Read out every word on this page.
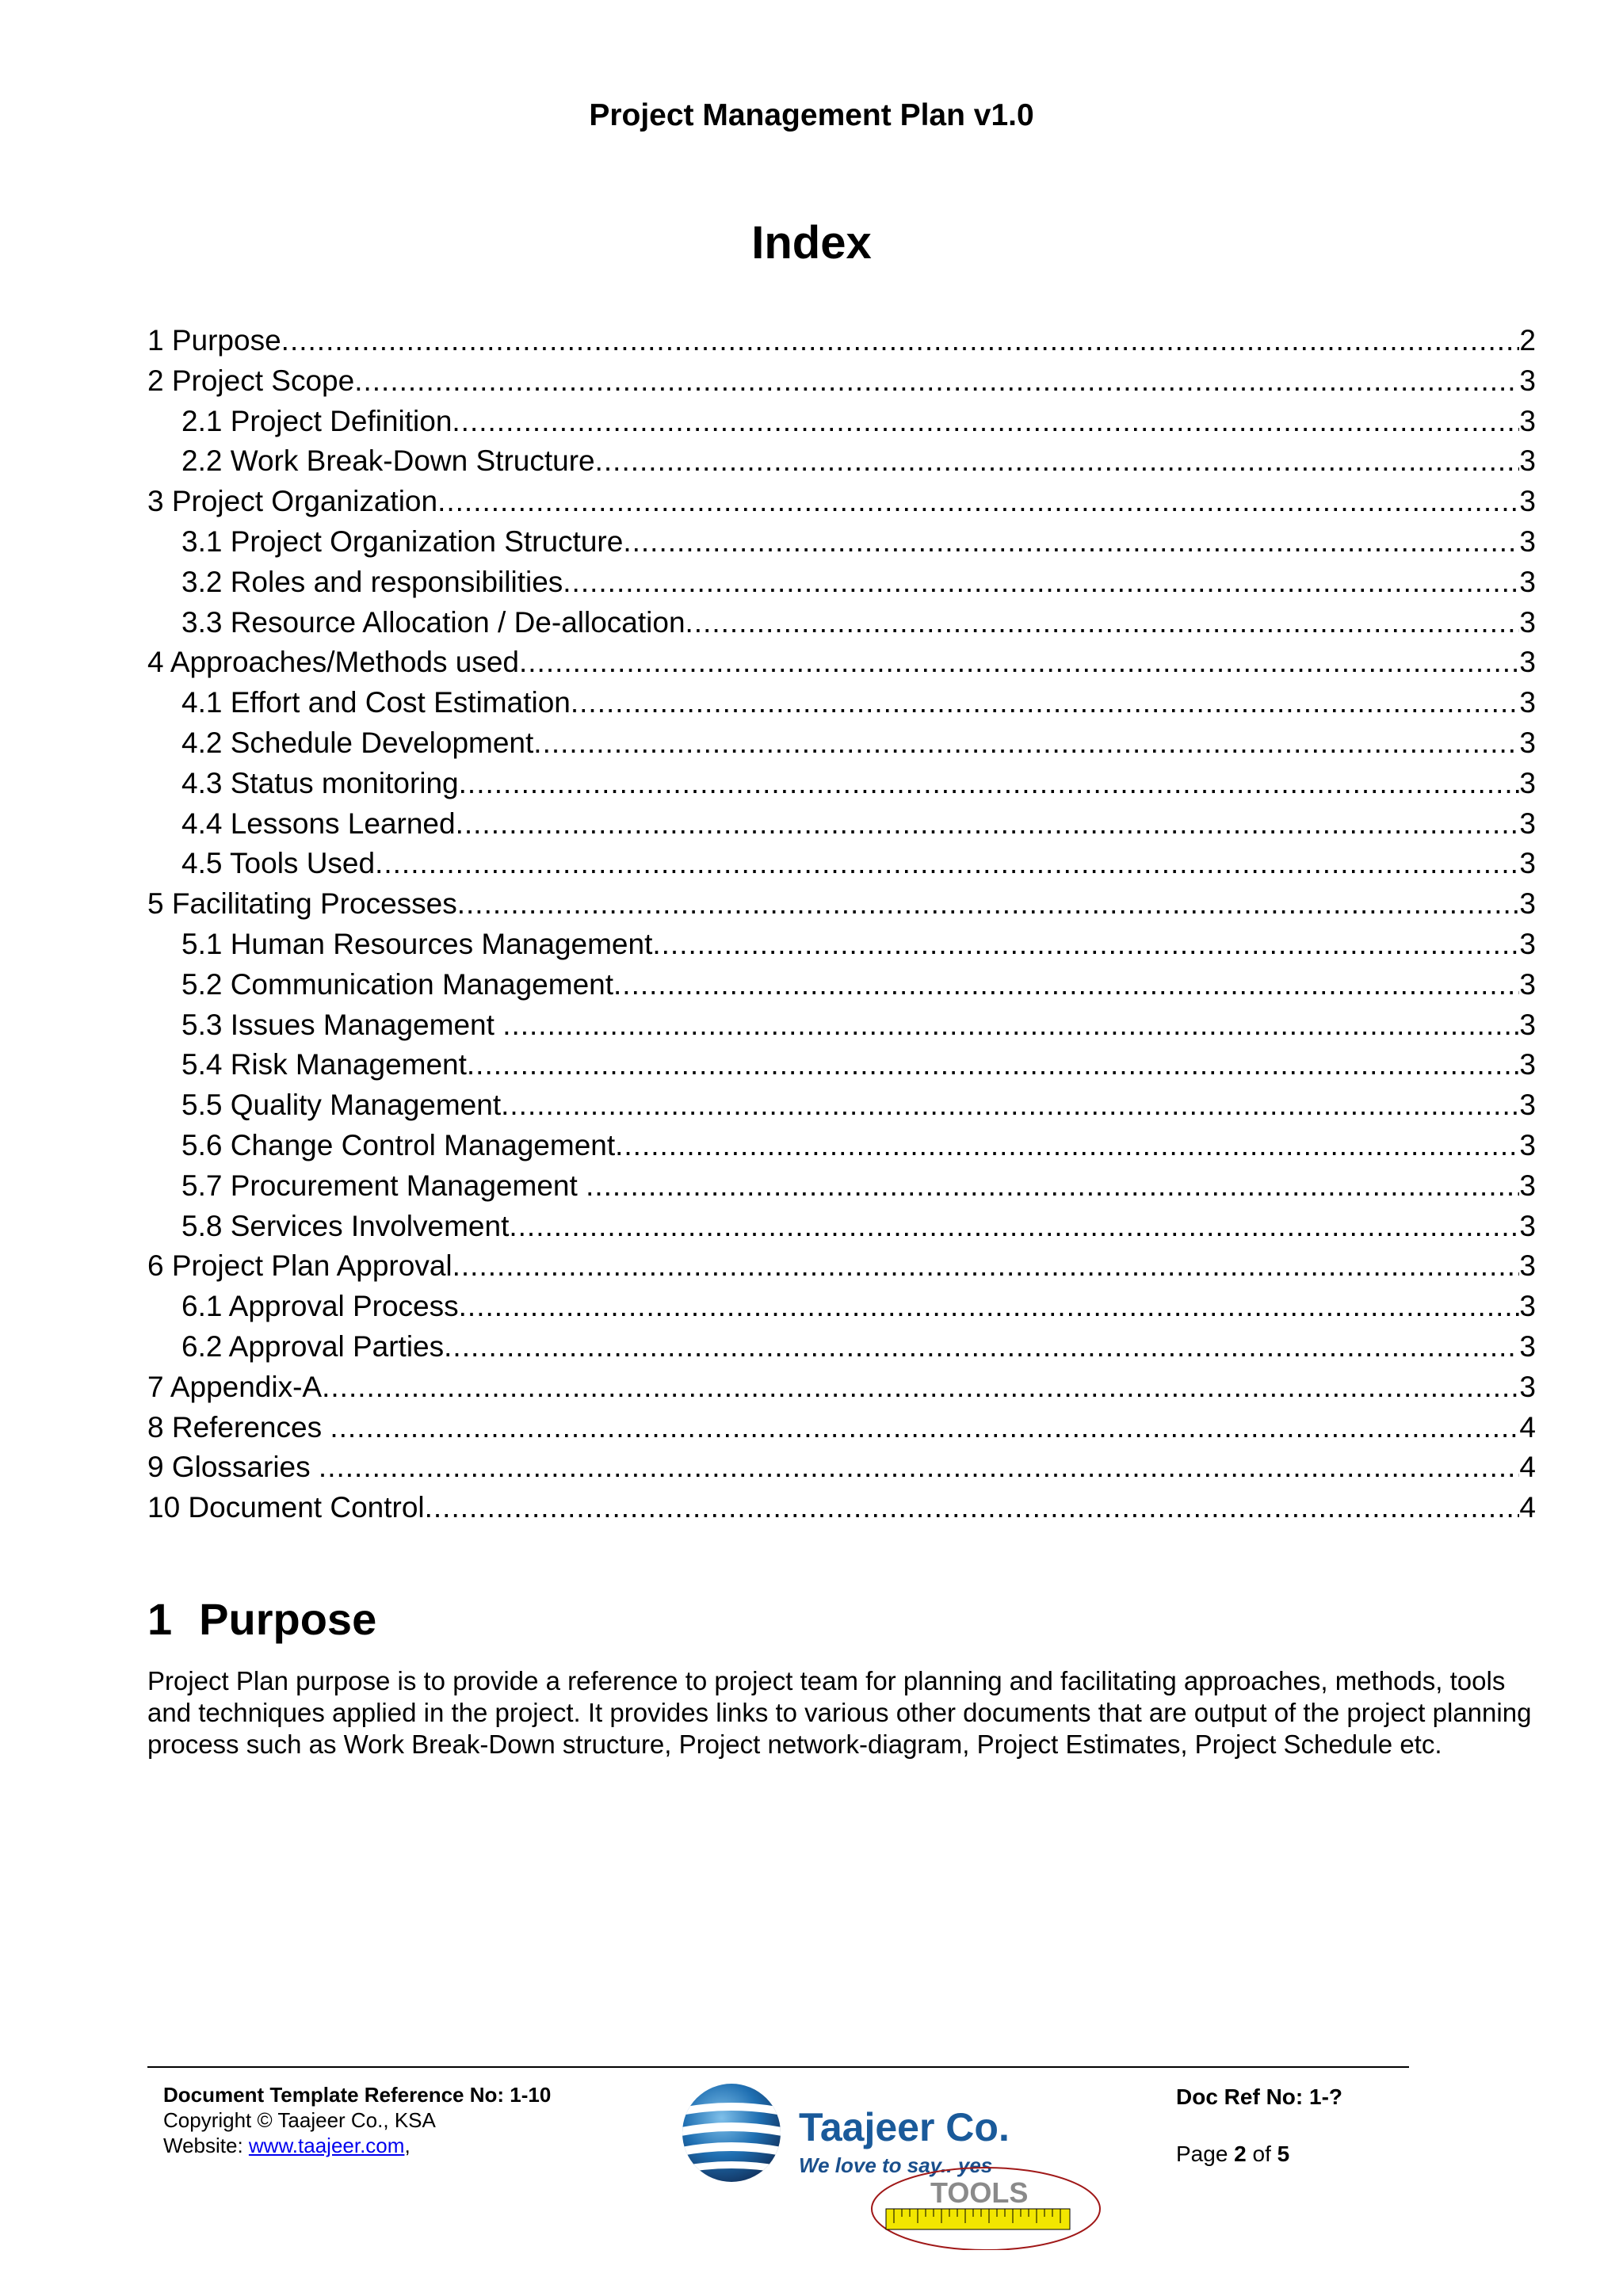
Project Management Plan v1.0
Index
1 Purpose .....	2
2 Project Scope .....	3
2.1 Project Definition .....	3
2.2 Work Break-Down Structure .....	3
3 Project Organization .....	3
3.1 Project Organization Structure .....	3
3.2 Roles and responsibilities .....	3
3.3 Resource Allocation / De-allocation .....	3
4 Approaches/Methods used .....	3
4.1 Effort and Cost Estimation .....	3
4.2 Schedule Development .....	3
4.3 Status monitoring .....	3
4.4 Lessons Learned .....	3
4.5 Tools Used .....	3
5 Facilitating Processes .....	3
5.1 Human Resources Management .....	3
5.2 Communication Management .....	3
5.3 Issues Management .....	3
5.4 Risk Management .....	3
5.5 Quality Management .....	3
5.6 Change Control Management .....	3
5.7 Procurement Management .....	3
5.8 Services Involvement .....	3
6 Project Plan Approval .....	3
6.1 Approval Process .....	3
6.2 Approval Parties .....	3
7 Appendix-A .....	3
8 References .....	4
9 Glossaries .....	4
10 Document Control .....	4
1 Purpose

Project Plan purpose is to provide a reference to project team for planning and facilitating approaches, methods, tools and techniques applied in the project. It provides links to various other documents that are output of the project planning process such as Work Break-Down structure, Project network-diagram, Project Estimates, Project Schedule etc.

Document Template Reference No: 1-10
Copyright © Taajeer Co., KSA
Website: www.taajeer.com,	Taajeer Co.
We love to say.. yes
TOOLS
Doc Ref No: 1-?
Page 2 of 5
